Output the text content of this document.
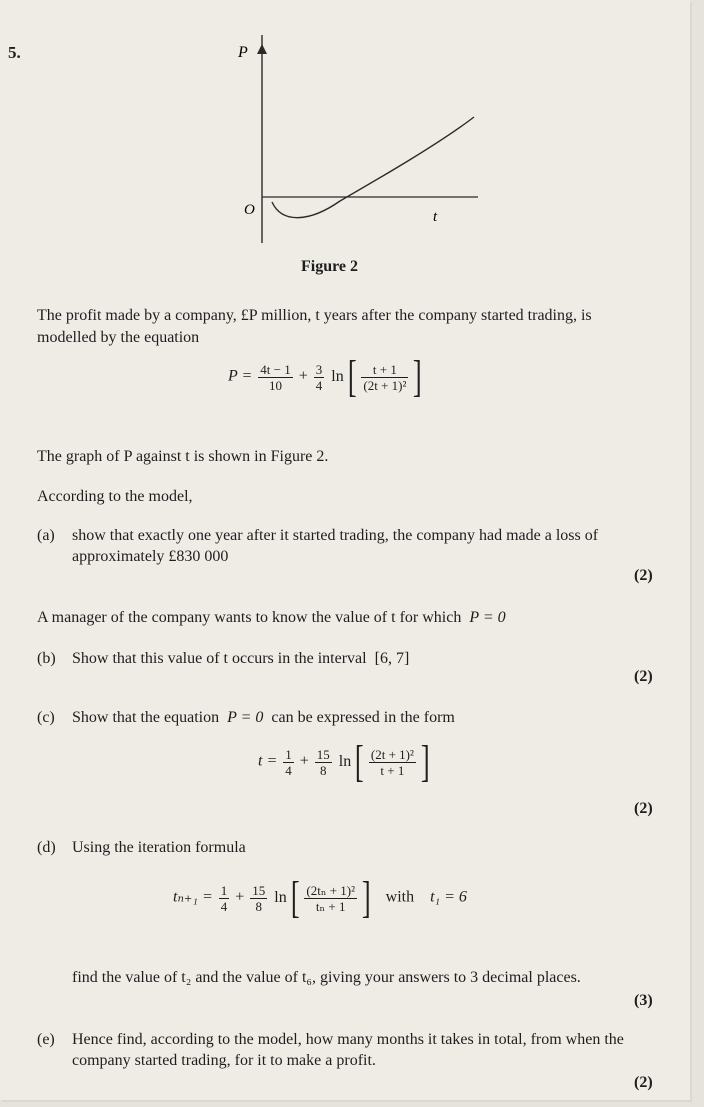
5.	P
O	t
Figure 2
The profit made by a company, £P million, t years after the company started trading, is
modelled by the equation
$P = \frac{4t - 1}{10} + \frac{3}{4} \ln[ \frac{t + 1}{\text{(2t + 1)²}}$ ]
The graph of P against t is shown in Figure 2.
According to the model,
(a) show that exactly one year after it started trading, the company had made a loss of
approximately £830 000
(2)
A manager of the company wants to know the value of t for which P = 0
(b) Show that this value of t occurs in the interval [6, 7]
(2)
(c) Show that the equation P = 0 can be expressed in the form
$t = \frac{1}{4} + \frac{15}{8} \ln[ \frac{\text{(2t + 1)²}}{t + 1}$ ]
(2)
(d) Using the iteration formula
$t_{n+1} = \frac{1}{4} + \frac{15}{8} \ln[ \frac{\text{(2tₙ + 1)²}}{\text{tₙ + 1}}$ ] with t₁ = 6
find the value of t₂ and the value of t₆, giving your answers to 3 decimal places.
(3)
(e) Hence find, according to the model, how many months it takes in total, from when the
company started trading, for it to make a profit.
(2)
